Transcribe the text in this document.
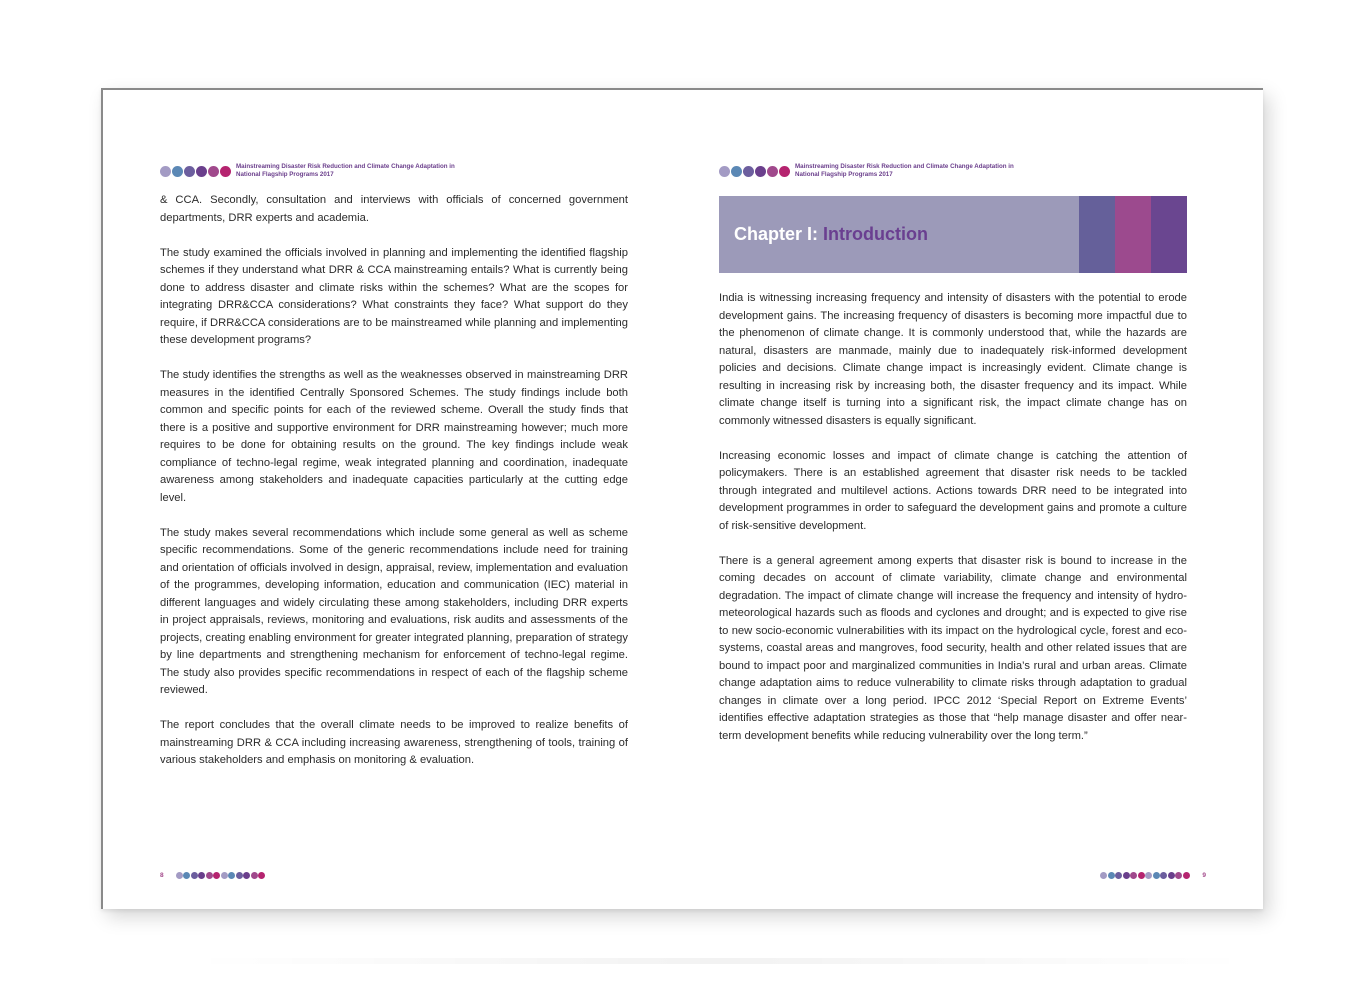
Mainstreaming Disaster Risk Reduction and Climate Change Adaptation in
National Flagship Programs 2017

& CCA. Secondly, consultation and interviews with officials of concerned government departments, DRR experts and academia.

The study examined the officials involved in planning and implementing the identified flagship schemes if they understand what DRR & CCA mainstreaming entails? What is currently being done to address disaster and climate risks within the schemes? What are the scopes for integrating DRR&CCA considerations? What constraints they face? What support do they require, if DRR&CCA considerations are to be mainstreamed while planning and implementing these development programs?

The study identifies the strengths as well as the weaknesses observed in mainstreaming DRR measures in the identified Centrally Sponsored Schemes. The study findings include both common and specific points for each of the reviewed scheme. Overall the study finds that there is a positive and supportive environment for DRR mainstreaming however; much more requires to be done for obtaining results on the ground. The key findings include weak compliance of techno-legal regime, weak integrated planning and coordination, inadequate awareness among stakeholders and inadequate capacities particularly at the cutting edge level.

The study makes several recommendations which include some general as well as scheme specific recommendations. Some of the generic recommendations include need for training and orientation of officials involved in design, appraisal, review, implementation and evaluation of the programmes, developing information, education and communication (IEC) material in different languages and widely circulating these among stakeholders, including DRR experts in project appraisals, reviews, monitoring and evaluations, risk audits and assessments of the projects, creating enabling environment for greater integrated planning, preparation of strategy by line departments and strengthening mechanism for enforcement of techno-legal regime. The study also provides specific recommendations in respect of each of the flagship scheme reviewed.

The report concludes that the overall climate needs to be improved to realize benefits of mainstreaming DRR & CCA including increasing awareness, strengthening of tools, training of various stakeholders and emphasis on monitoring & evaluation.

8
Mainstreaming Disaster Risk Reduction and Climate Change Adaptation in
National Flagship Programs 2017
Chapter I: Introduction

India is witnessing increasing frequency and intensity of disasters with the potential to erode development gains. The increasing frequency of disasters is becoming more impactful due to the phenomenon of climate change. It is commonly understood that, while the hazards are natural, disasters are manmade, mainly due to inadequately risk-informed development policies and decisions. Climate change impact is increasingly evident. Climate change is resulting in increasing risk by increasing both, the disaster frequency and its impact. While climate change itself is turning into a significant risk, the impact climate change has on commonly witnessed disasters is equally significant.

Increasing economic losses and impact of climate change is catching the attention of policymakers. There is an established agreement that disaster risk needs to be tackled through integrated and multilevel actions. Actions towards DRR need to be integrated into development programmes in order to safeguard the development gains and promote a culture of risk-sensitive development.

There is a general agreement among experts that disaster risk is bound to increase in the coming decades on account of climate variability, climate change and environmental degradation. The impact of climate change will increase the frequency and intensity of hydro-meteorological hazards such as floods and cyclones and drought; and is expected to give rise to new socio-economic vulnerabilities with its impact on the hydrological cycle, forest and eco-systems, coastal areas and mangroves, food security, health and other related issues that are bound to impact poor and marginalized communities in India’s rural and urban areas. Climate change adaptation aims to reduce vulnerability to climate risks through adaptation to gradual changes in climate over a long period. IPCC 2012 ‘Special Report on Extreme Events’ identifies effective adaptation strategies as those that “help manage disaster and offer near-term development benefits while reducing vulnerability over the long term.”

9
